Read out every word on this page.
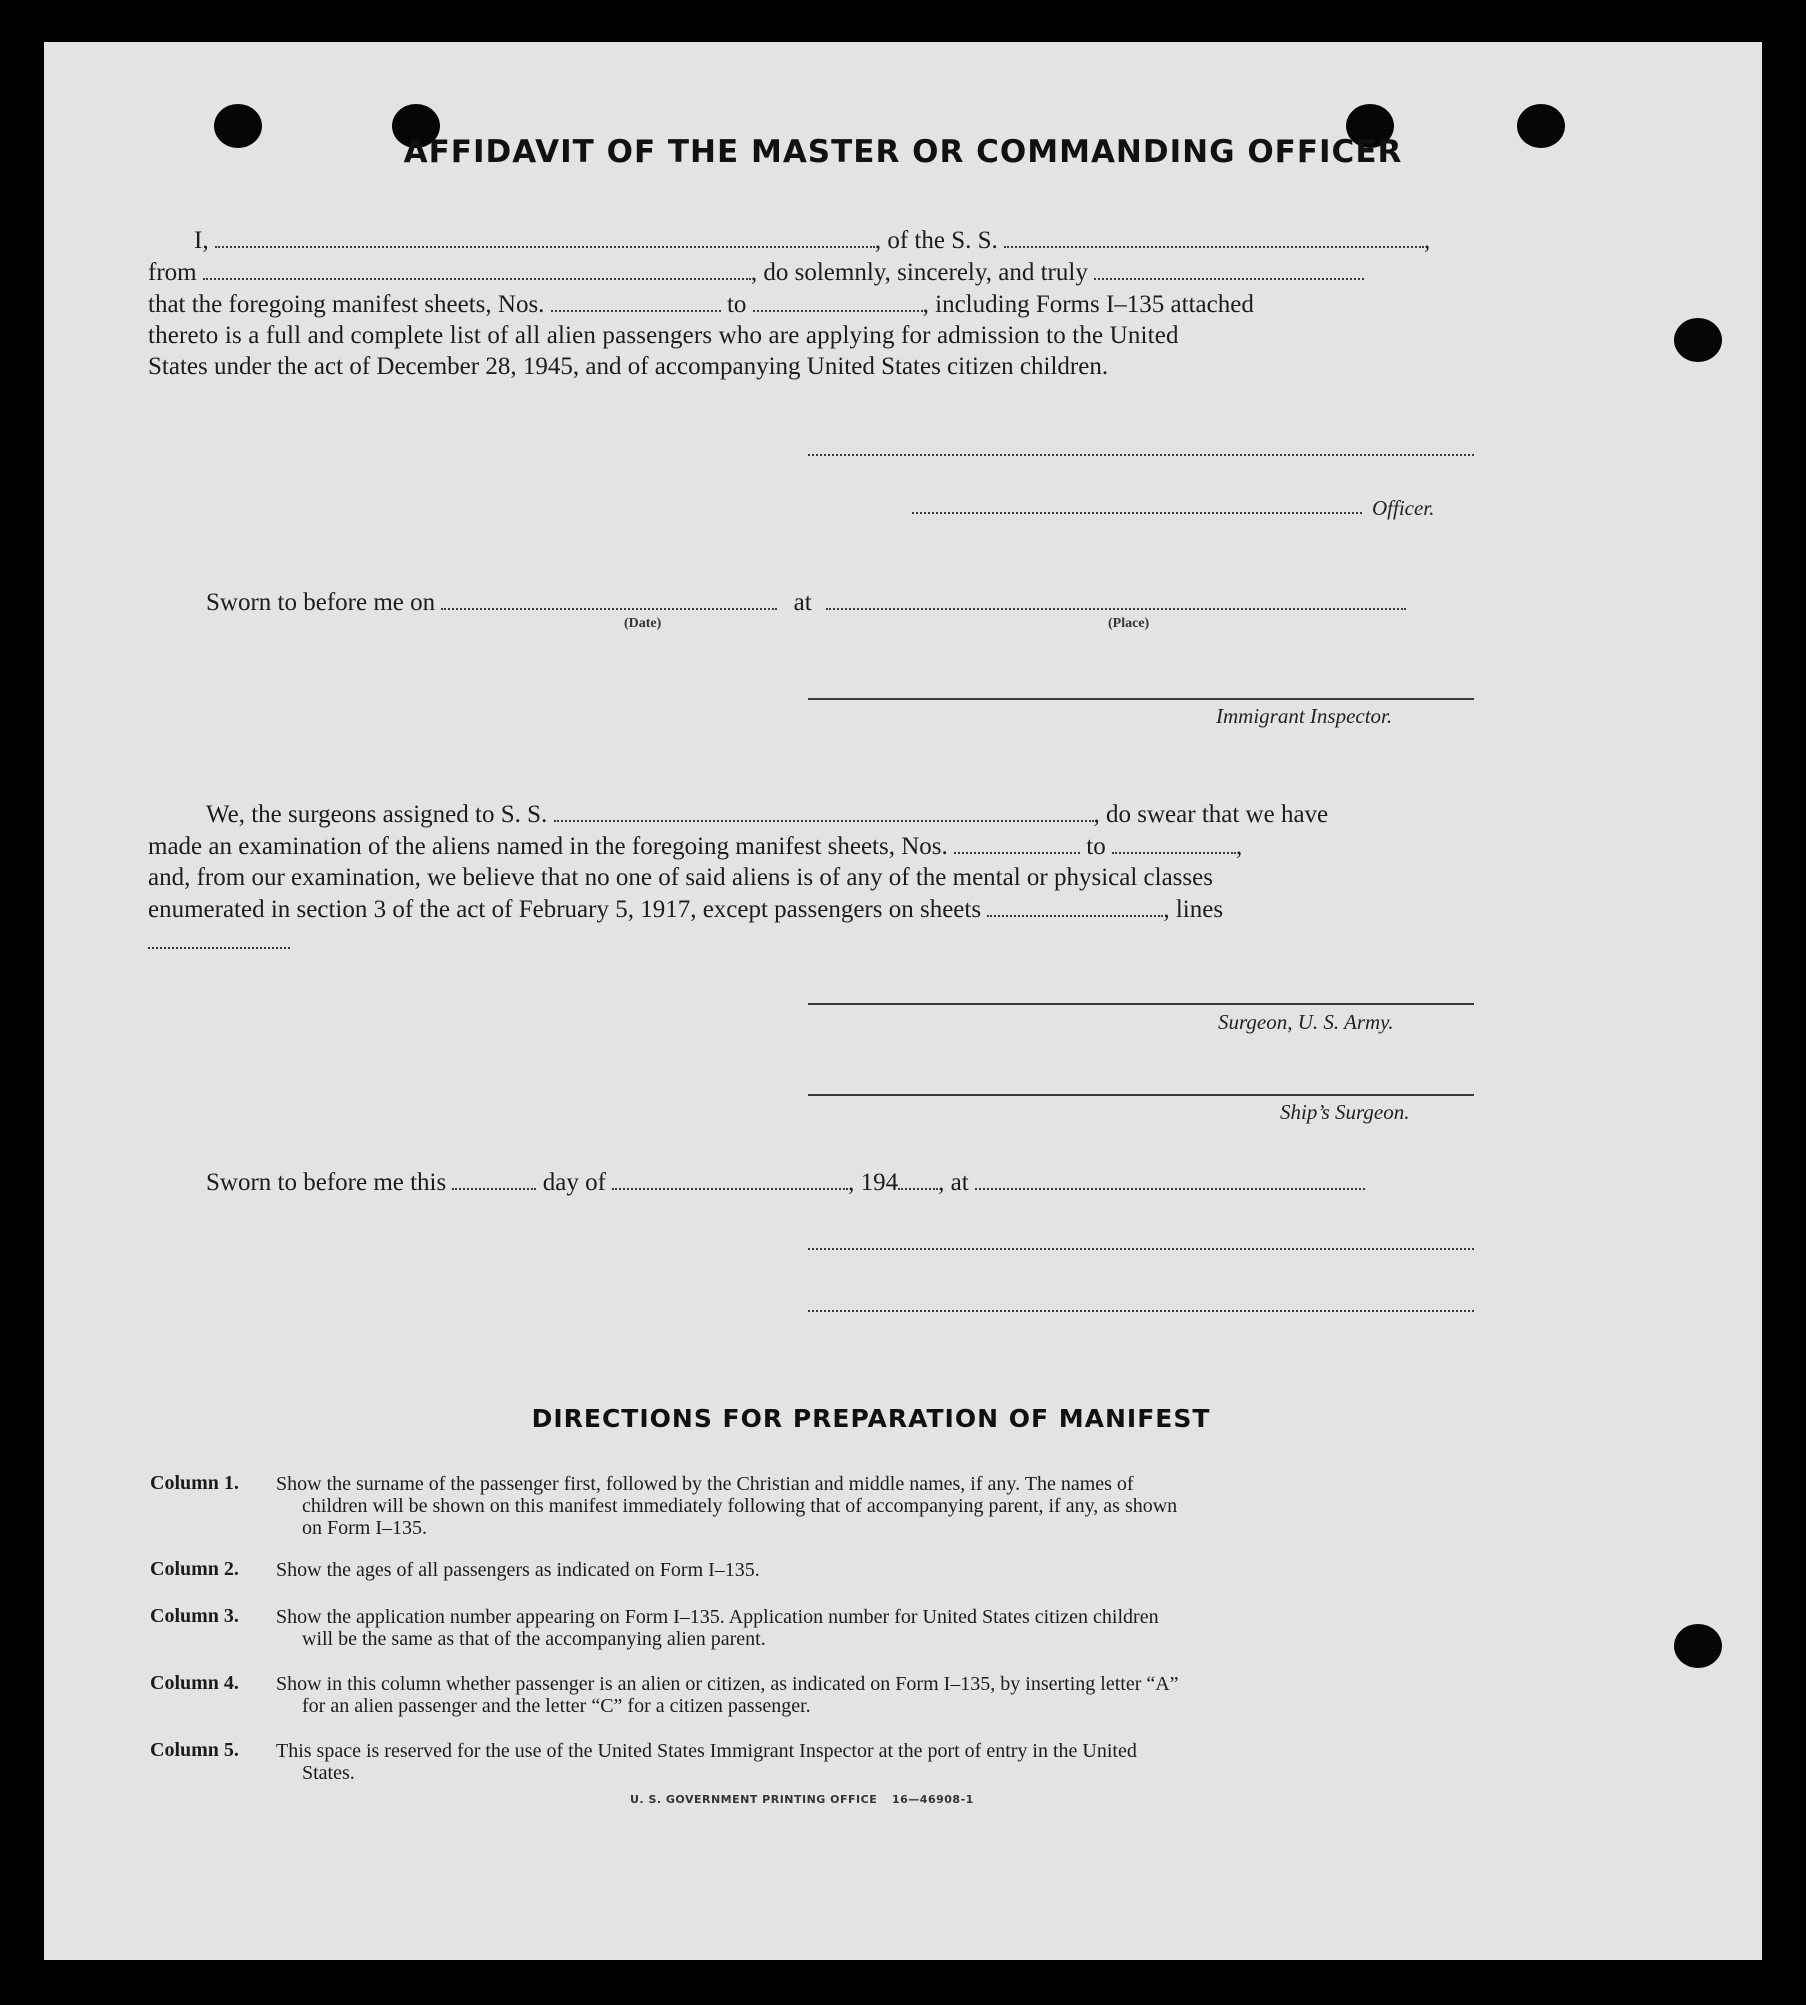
AFFIDAVIT OF THE MASTER OR COMMANDING OFFICER
I,	, of the S. S.	,
from	, do solemnly, sincerely, and truly
that the foregoing manifest sheets, Nos.	to	, including Forms I–135 attached
thereto is a full and complete list of all alien passengers who are applying for admission to the United
States under the act of December 28, 1945, and of accompanying United States citizen children.
Officer.
Sworn to before me on	at
(Date)	(Place)
Immigrant Inspector.
We, the surgeons assigned to S. S.	, do swear that we have
made an examination of the aliens named in the foregoing manifest sheets, Nos.	to	,
and, from our examination, we believe that no one of said aliens is of any of the mental or physical classes
enumerated in section 3 of the act of February 5, 1917, except passengers on sheets	, lines
Surgeon, U. S. Army.
Ship’s Surgeon.
Sworn to before me this	day of	, 194 , at
DIRECTIONS FOR PREPARATION OF MANIFEST
Column 1. Show the surname of the passenger first, followed by the Christian and middle names, if any. The names of
children will be shown on this manifest immediately following that of accompanying parent, if any, as shown
on Form I–135.
Column 2. Show the ages of all passengers as indicated on Form I–135.
Column 3. Show the application number appearing on Form I–135. Application number for United States citizen children
will be the same as that of the accompanying alien parent.
Column 4. Show in this column whether passenger is an alien or citizen, as indicated on Form I–135, by inserting letter “A”
for an alien passenger and the letter “C” for a citizen passenger.
Column 5. This space is reserved for the use of the United States Immigrant Inspector at the port of entry in the United
States.
U. S. GOVERNMENT PRINTING OFFICE 16—46908-1
